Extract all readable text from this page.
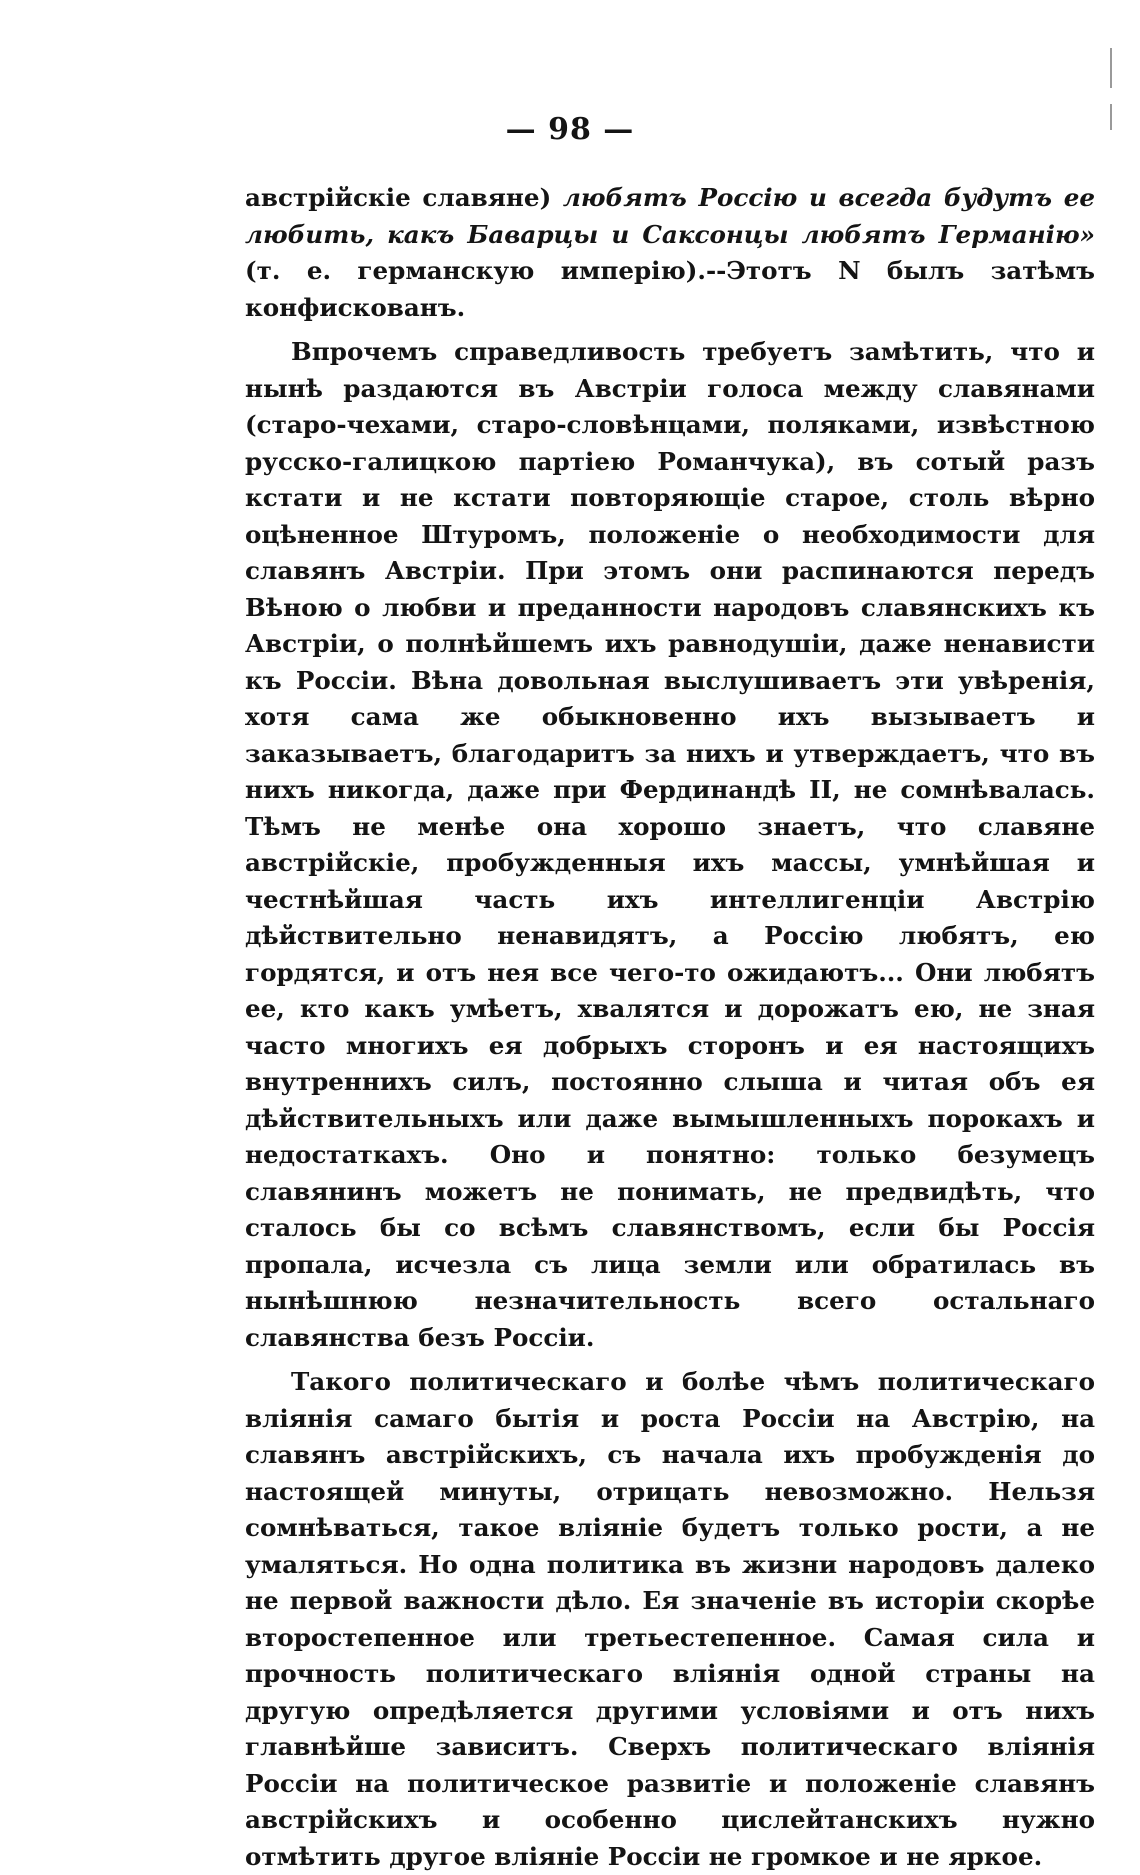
— 98 —

австрійскіе славяне) любятъ Россію и всегда будутъ ее любить, какъ Баварцы и Саксонцы любятъ Германію» (т. е. германскую имперію).--Этотъ N былъ затѣмъ конфискованъ.

Впрочемъ справедливость требуетъ замѣтить, что и нынѣ раздаются въ Австріи голоса между славянами (старо-чехами, старо-словѣнцами, поляками, извѣстною русско-галицкою партіею Романчука), въ сотый разъ кстати и не кстати повторяющіе старое, столь вѣрно оцѣненное Штуромъ, положеніе о необходимости для славянъ Австріи. При этомъ они распинаются передъ Вѣною о любви и преданности народовъ славянскихъ къ Австріи, о полнѣйшемъ ихъ равнодушіи, даже ненависти къ Россіи. Вѣна довольная выслушиваетъ эти увѣренія, хотя сама же обыкновенно ихъ вызываетъ и заказываетъ, благодаритъ за нихъ и утверждаетъ, что въ нихъ никогда, даже при Фердинандѣ II, не сомнѣвалась. Тѣмъ не менѣе она хорошо знаетъ, что славяне австрійскіе, пробужденныя ихъ массы, умнѣйшая и честнѣйшая часть ихъ интеллигенціи Австрію дѣйствительно ненавидятъ, а Россію любятъ, ею гордятся, и отъ нея все чего-то ожидаютъ... Они любятъ ее, кто какъ умѣетъ, хвалятся и дорожатъ ею, не зная часто многихъ ея добрыхъ сторонъ и ея настоящихъ внутреннихъ силъ, постоянно слыша и читая объ ея дѣйствительныхъ или даже вымышленныхъ порокахъ и недостаткахъ. Оно и понятно: только безумецъ славянинъ можетъ не понимать, не предвидѣть, что сталось бы со всѣмъ славянствомъ, если бы Россія пропала, исчезла съ лица земли или обратилась въ нынѣшнюю незначительность всего остальнаго славянства безъ Россіи.

Такого политическаго и болѣе чѣмъ политическаго вліянія самаго бытія и роста Россіи на Австрію, на славянъ австрійскихъ, съ начала ихъ пробужденія до настоящей минуты, отрицать невозможно. Нельзя сомнѣваться, такое вліяніе будетъ только рости, а не умаляться. Но одна политика въ жизни народовъ далеко не первой важности дѣло. Ея значеніе въ исторіи скорѣе второстепенное или третьестепенное. Самая сила и прочность политическаго вліянія одной страны на другую опредѣляется другими условіями и отъ нихъ главнѣйше зависитъ. Сверхъ политическаго вліянія Россіи на политическое развитіе и положеніе славянъ австрійскихъ и особенно цислейтанскихъ нужно отмѣтить другое вліяніе Россіи не громкое и не яркое.
